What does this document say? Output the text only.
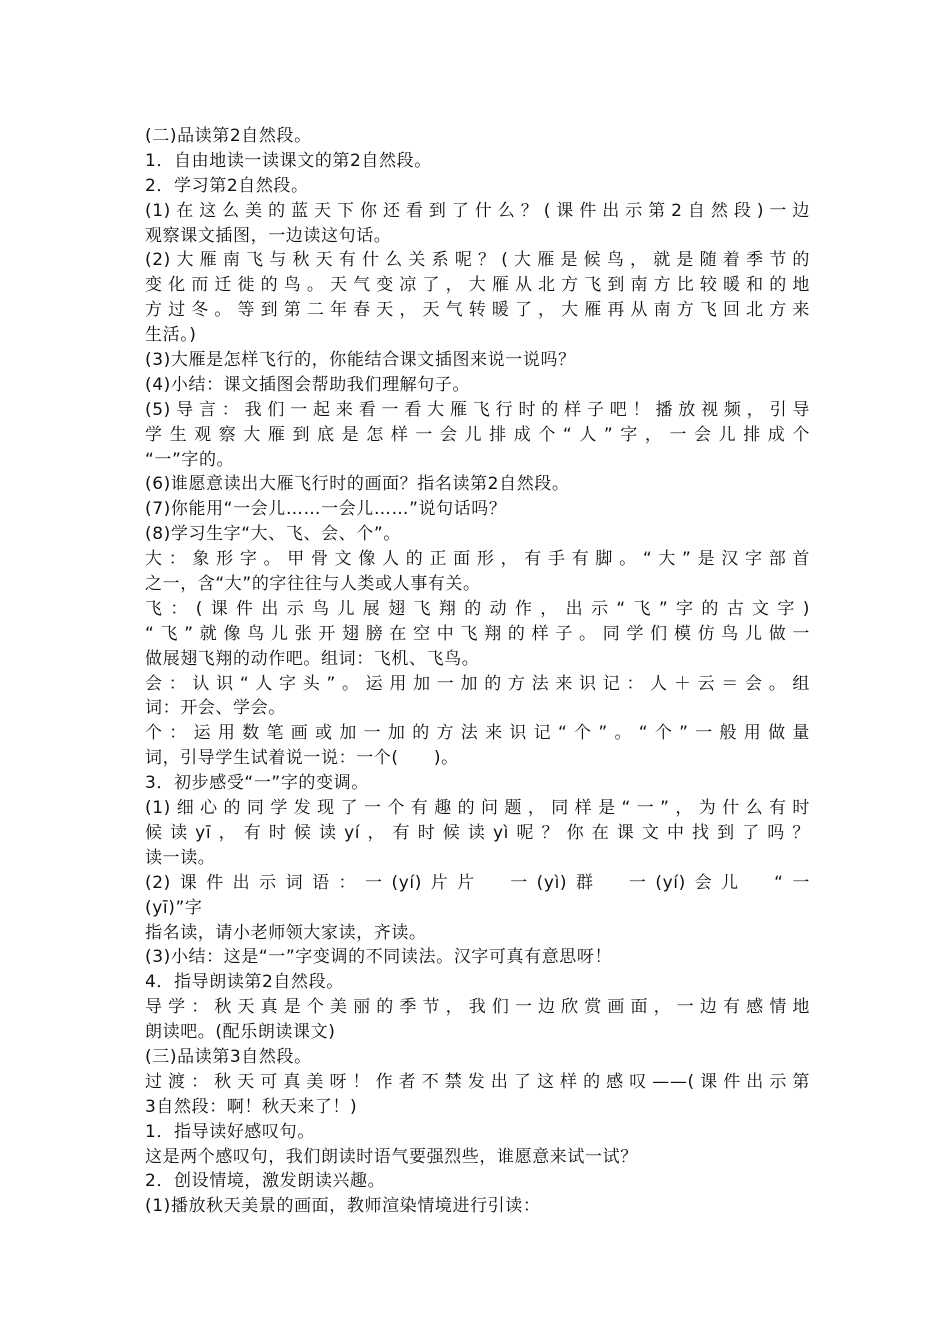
(二)品读第2自然段。
1．自由地读一读课文的第2自然段。
2．学习第2自然段。
(1)在这么美的蓝天下你还看到了什么？(课件出示第2自然段)一边
观察课文插图，一边读这句话。
(2)大雁南飞与秋天有什么关系呢？(大雁是候鸟，就是随着季节的
变化而迁徙的鸟。天气变凉了，大雁从北方飞到南方比较暖和的地
方过冬。等到第二年春天，天气转暖了，大雁再从南方飞回北方来
生活。)
(3)大雁是怎样飞行的，你能结合课文插图来说一说吗？
(4)小结：课文插图会帮助我们理解句子。
(5)导言：我们一起来看一看大雁飞行时的样子吧！播放视频，引导
学生观察大雁到底是怎样一会儿排成个“人”字，一会儿排成个
“一”字的。
(6)谁愿意读出大雁飞行时的画面？指名读第2自然段。
(7)你能用“一会儿……一会儿……”说句话吗？
(8)学习生字“大、飞、会、个”。
大：象形字。甲骨文像人的正面形，有手有脚。“大”是汉字部首
之一，含“大”的字往往与人类或人事有关。
飞：(课件出示鸟儿展翅飞翔的动作，出示“飞”字的古文字)
“飞”就像鸟儿张开翅膀在空中飞翔的样子。同学们模仿鸟儿做一
做展翅飞翔的动作吧。组词：飞机、飞鸟。
会：认识“人字头”。运用加一加的方法来识记：人＋云＝会。组
词：开会、学会。
个：运用数笔画或加一加的方法来识记“个”。“个”一般用做量
词，引导学生试着说一说：一个(　　)。
3．初步感受“一”字的变调。
(1)细心的同学发现了一个有趣的问题，同样是“一”，为什么有时
候读yī，有时候读yí，有时候读yì呢？你在课文中找到了吗？
读一读。
(2)课件出示词语：一(yí)片片　一(yì)群　一(yí)会儿　“一
(yī)”字
指名读，请小老师领大家读，齐读。
(3)小结：这是“一”字变调的不同读法。汉字可真有意思呀！
4．指导朗读第2自然段。
导学：秋天真是个美丽的季节，我们一边欣赏画面，一边有感情地
朗读吧。(配乐朗读课文)
(三)品读第3自然段。
过渡：秋天可真美呀！作者不禁发出了这样的感叹——(课件出示第
3自然段：啊！秋天来了！)
1．指导读好感叹句。
这是两个感叹句，我们朗读时语气要强烈些，谁愿意来试一试？
2．创设情境，激发朗读兴趣。
(1)播放秋天美景的画面，教师渲染情境进行引读：
